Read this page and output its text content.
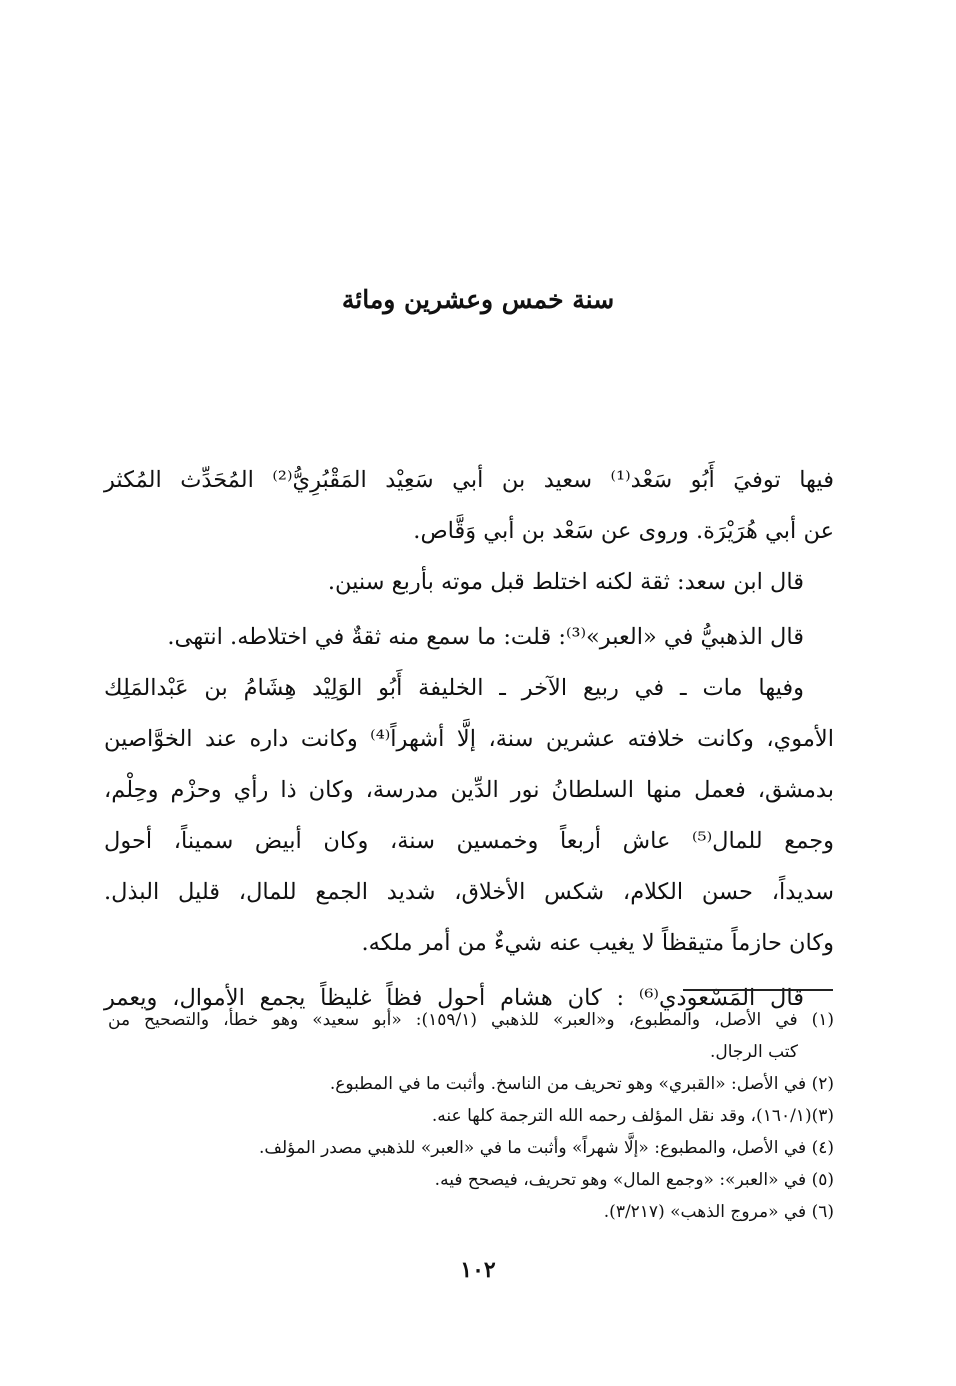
سنة خمس وعشرين ومائة
فيها توفيَ أَبُو سَعْد⁽¹⁾ سعيد بن أبي سَعِيْد المَقْبُرِيُّ⁽²⁾ المُحَدِّث المُكثر
عن أبي هُرَيْرَة. وروى عن سَعْد بن أبي وَقَّاص.
قال ابن سعد: ثقة لكنه اختلط قبل موته بأربع سنين.
قال الذهبيُّ في «العبر»⁽³⁾: قلت: ما سمع منه ثقةٌ في اختلاطه. انتهى.
وفيها مات ـ في ربيع الآخر ـ الخليفة أَبُو الوَلِيْد هِشَامُ بن عَبْدالمَلِك
الأموي، وكانت خلافته عشرين سنة، إلَّا أشهراً⁽⁴⁾ وكانت داره عند الخوَّاصين
بدمشق، فعمل منها السلطانُ نور الدِّين مدرسة، وكان ذا رأي وحزْم وحِلْم،
وجمع للمال⁽⁵⁾ عاش أربعاً وخمسين سنة، وكان أبيض سميناً، أحول
سديداً، حسن الكلام، شكس الأخلاق، شديد الجمع للمال، قليل البذل.
وكان حازماً متيقظاً لا يغيب عنه شيءٌ من أمر ملكه.
قال المَسْعودي⁽⁶⁾ : كان هشام أحول فظاً غليظاً يجمع الأموال، ويعمر
(١) في الأصل، والمطبوع، و«العبر» للذهبي (١٥٩/١): «أبو سعيد» وهو خطأ، والتصحيح من
كتب الرجال.
(٢) في الأصل: «القبري» وهو تحريف من الناسخ. وأثبت ما في المطبوع.
(٣)(١٦٠/١)، وقد نقل المؤلف رحمه الله الترجمة كلها عنه.
(٤) في الأصل، والمطبوع: «إلَّا شهراً» وأثبت ما في «العبر» للذهبي مصدر المؤلف.
(٥) في «العبر»: «وجمع المال» وهو تحريف، فيصحح فيه.
(٦) في «مروج الذهب» (٣/٢١٧).
١٠٢
